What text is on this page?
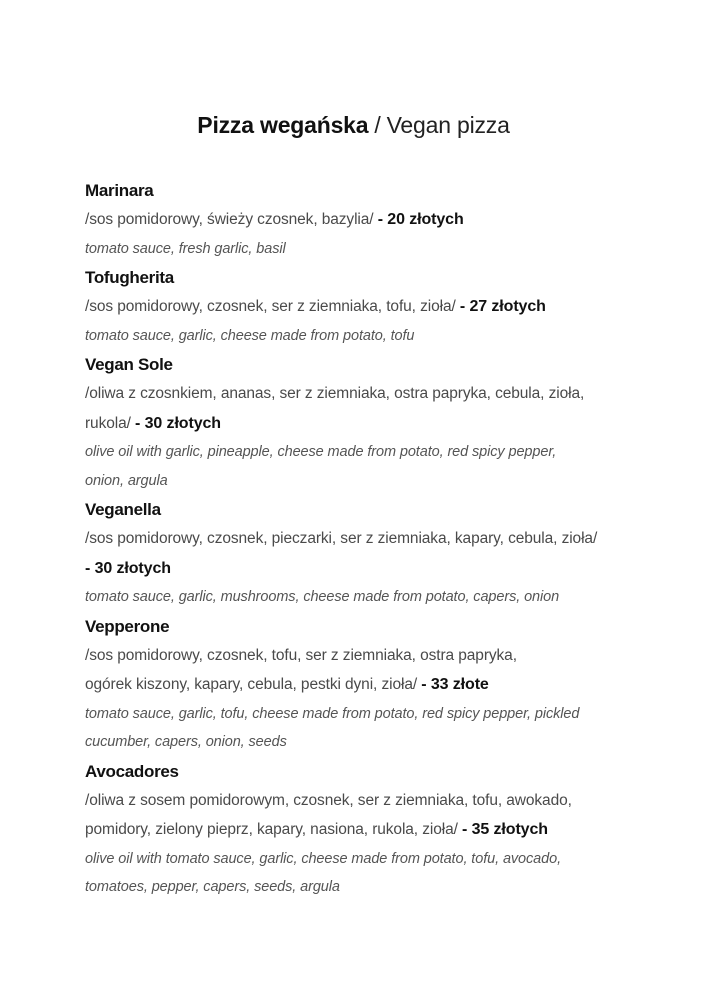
Pizza wegańska / Vegan pizza
Marinara
/sos pomidorowy, świeży czosnek, bazylia/ - 20 złotych
tomato sauce, fresh garlic, basil
Tofugherita
/sos pomidorowy, czosnek, ser z ziemniaka, tofu, zioła/ - 27 złotych
tomato sauce, garlic, cheese made from potato, tofu
Vegan Sole
/oliwa z czosnkiem, ananas, ser z ziemniaka, ostra papryka, cebula, zioła,
rukola/ - 30 złotych
olive oil with garlic, pineapple, cheese made from potato, red spicy pepper,
onion, argula
Veganella
/sos pomidorowy, czosnek, pieczarki, ser z ziemniaka, kapary, cebula, zioła/
- 30 złotych
tomato sauce, garlic, mushrooms, cheese made from potato, capers, onion
Vepperone
/sos pomidorowy, czosnek, tofu, ser z ziemniaka, ostra papryka,
ogórek kiszony, kapary, cebula, pestki dyni, zioła/ - 33 złote
tomato sauce, garlic, tofu, cheese made from potato, red spicy pepper, pickled
cucumber, capers, onion, seeds
Avocadores
/oliwa z sosem pomidorowym, czosnek, ser z ziemniaka, tofu, awokado,
pomidory, zielony pieprz, kapary, nasiona, rukola, zioła/ - 35 złotych
olive oil with tomato sauce, garlic, cheese made from potato, tofu, avocado,
tomatoes, pepper, capers, seeds, argula
